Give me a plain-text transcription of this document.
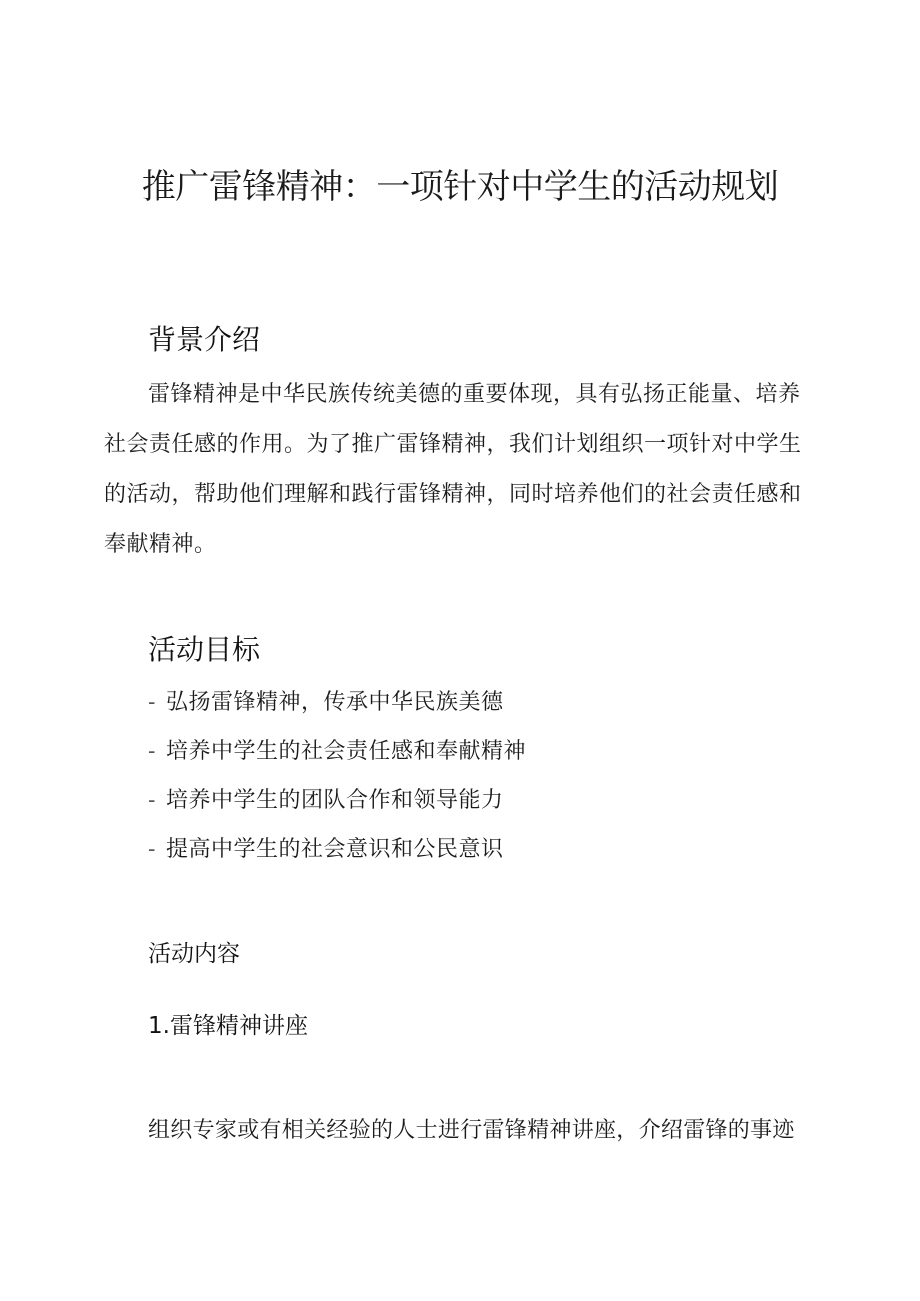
推广雷锋精神：一项针对中学生的活动规划
背景介绍

雷锋精神是中华民族传统美德的重要体现，具有弘扬正能量、培养社会责任感的作用。为了推广雷锋精神，我们计划组织一项针对中学生的活动，帮助他们理解和践行雷锋精神，同时培养他们的社会责任感和奉献精神。

活动目标
- 弘扬雷锋精神，传承中华民族美德
- 培养中学生的社会责任感和奉献精神
- 培养中学生的团队合作和领导能力
- 提高中学生的社会意识和公民意识
活动内容
1.雷锋精神讲座

组织专家或有相关经验的人士进行雷锋精神讲座，介绍雷锋的事迹
